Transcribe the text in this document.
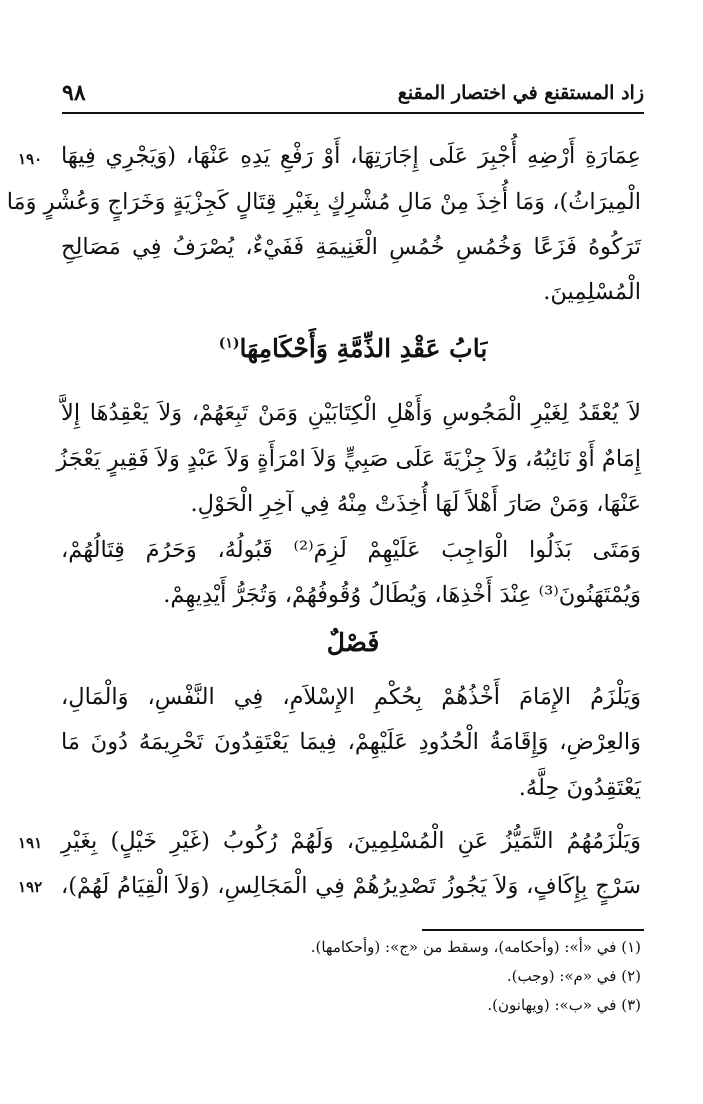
٩٨	زاد المستقنع في اختصار المقنع
١٩٠
١٩١
١٩٢
عِمَارَةِ أَرْضِهِ أُجْبِرَ عَلَى إِجَارَتِهَا، أَوْ رَفْعِ يَدِهِ عَنْهَا، (وَيَجْرِي فِيهَا
الْمِيرَاثُ)، وَمَا أُخِذَ مِنْ مَالِ مُشْرِكٍ بِغَيْرِ قِتَالٍ كَجِزْيَةٍ وَخَرَاجٍ وَعُشْرٍ وَمَا
تَرَكُوهُ فَزَعًا وَخُمُسِ خُمُسِ الْغَنِيمَةِ فَفَيْءٌ، يُصْرَفُ فِي مَصَالِحِ
الْمُسْلِمِينَ.
بَابُ عَقْدِ الذِّمَّةِ وَأَحْكَامِهَا$^{(١)}$
لاَ يُعْقَدُ لِغَيْرِ الْمَجُوسِ وَأَهْلِ الْكِتَابَيْنِ وَمَنْ تَبِعَهُمْ، وَلاَ يَعْقِدُهَا إِلاَّ
إِمَامٌ أَوْ نَائِبُهُ، وَلاَ جِزْيَةَ عَلَى صَبِيٍّ وَلاَ امْرَأَةٍ وَلاَ عَبْدٍ وَلاَ فَقِيرٍ يَعْجَزُ
عَنْهَا، وَمَنْ صَارَ أَهْلاً لَهَا أُخِذَتْ مِنْهُ فِي آخِرِ الْحَوْلِ.
وَمَتَى بَذَلُوا الْوَاجِبَ عَلَيْهِمْ لَزِمَ⁽²⁾ قَبُولُهُ، وَحَرُمَ قِتَالُهُمْ،
وَيُمْتَهَنُونَ⁽³⁾ عِنْدَ أَخْذِهَا، وَيُطَالُ وُقُوفُهُمْ، وَتُجَرُّ أَيْدِيهِمْ.
فَصْلٌ
وَيَلْزَمُ الإِمَامَ أَخْذُهُمْ بِحُكْمِ الإِسْلاَمِ، فِي النَّفْسِ، وَالْمَالِ،
وَالعِرْضِ، وَإِقَامَةُ الْحُدُودِ عَلَيْهِمْ، فِيمَا يَعْتَقِدُونَ تَحْرِيمَهُ دُونَ مَا
يَعْتَقِدُونَ حِلَّهُ.
وَيَلْزَمُهُمُ التَّمَيُّزُ عَنِ الْمُسْلِمِينَ، وَلَهُمْ رُكُوبُ (غَيْرِ خَيْلٍ) بِغَيْرِ
سَرْجٍ بِإِكَافٍ، وَلاَ يَجُوزُ تَصْدِيرُهُمْ فِي الْمَجَالِسِ، (وَلاَ الْقِيَامُ لَهُمْ)،
(١) في «أ»: (وأحكامه)، وسقط من «ج»: (وأحكامها).
(٢) في «م»: (وجب).
(٣) في «ب»: (ويهانون).
